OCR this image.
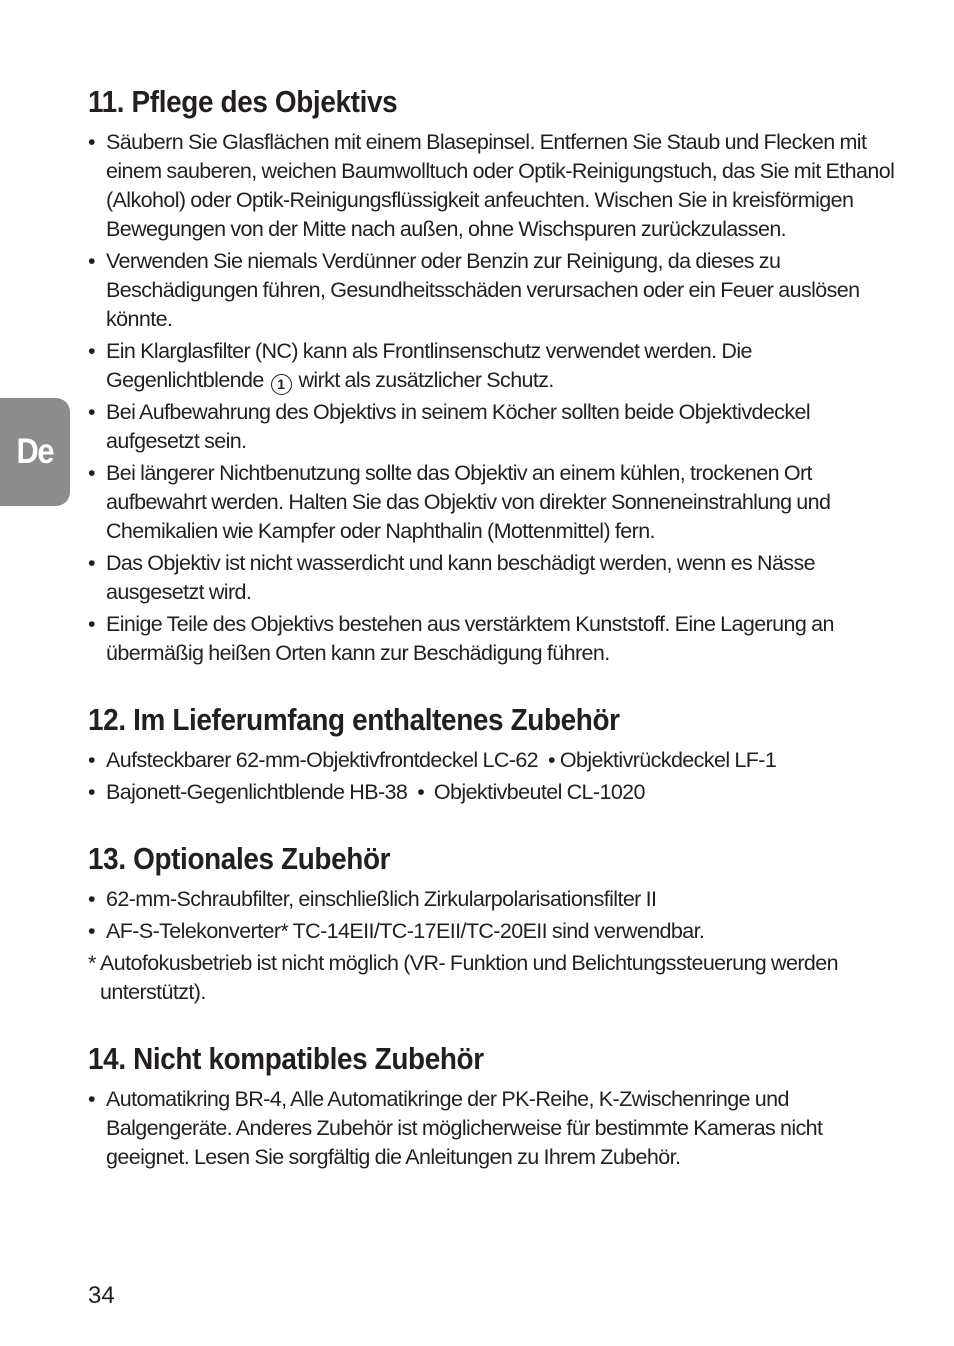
De
11. Pflege des Objektivs
• Säubern Sie Glasflächen mit einem Blasepinsel. Entfernen Sie Staub und Flecken mit einem sauberen, weichen Baumwolltuch oder Optik-Reinigungstuch, das Sie mit Ethanol (Alkohol) oder Optik-Reinigungsflüssigkeit anfeuchten. Wischen Sie in kreisförmigen Bewegungen von der Mitte nach außen, ohne Wischspuren zurückzulassen.
• Verwenden Sie niemals Verdünner oder Benzin zur Reinigung, da dieses zu Beschädigungen führen, Gesundheitsschäden verursachen oder ein Feuer auslösen könnte.
• Ein Klarglasfilter (NC) kann als Frontlinsenschutz verwendet werden. Die Gegenlichtblende 1 wirkt als zusätzlicher Schutz.
• Bei Aufbewahrung des Objektivs in seinem Köcher sollten beide Objektivdeckel aufgesetzt sein.
• Bei längerer Nichtbenutzung sollte das Objektiv an einem kühlen, trockenen Ort aufbewahrt werden. Halten Sie das Objektiv von direkter Sonneneinstrahlung und Chemikalien wie Kampfer oder Naphthalin (Mottenmittel) fern.
• Das Objektiv ist nicht wasserdicht und kann beschädigt werden, wenn es Nässe ausgesetzt wird.
• Einige Teile des Objektivs bestehen aus verstärktem Kunststoff. Eine Lagerung an übermäßig heißen Orten kann zur Beschädigung führen.
12. Im Lieferumfang enthaltenes Zubehör
• Aufsteckbarer 62-mm-Objektivfrontdeckel LC-62 • Objektivrückdeckel LF-1
• Bajonett-Gegenlichtblende HB-38 •  Objektivbeutel CL-1020
13. Optionales Zubehör
• 62-mm-Schraubfilter, einschließlich Zirkularpolarisationsfilter II
• AF-S-Telekonverter* TC-14EII/TC-17EII/TC-20EII sind verwendbar.
* Autofokusbetrieb ist nicht möglich (VR- Funktion und Belichtungssteuerung werden unterstützt).
14. Nicht kompatibles Zubehör
• Automatikring BR-4, Alle Automatikringe der PK-Reihe, K-Zwischenringe und Balgengeräte. Anderes Zubehör ist möglicherweise für bestimmte Kameras nicht geeignet. Lesen Sie sorgfältig die Anleitungen zu Ihrem Zubehör.
34
